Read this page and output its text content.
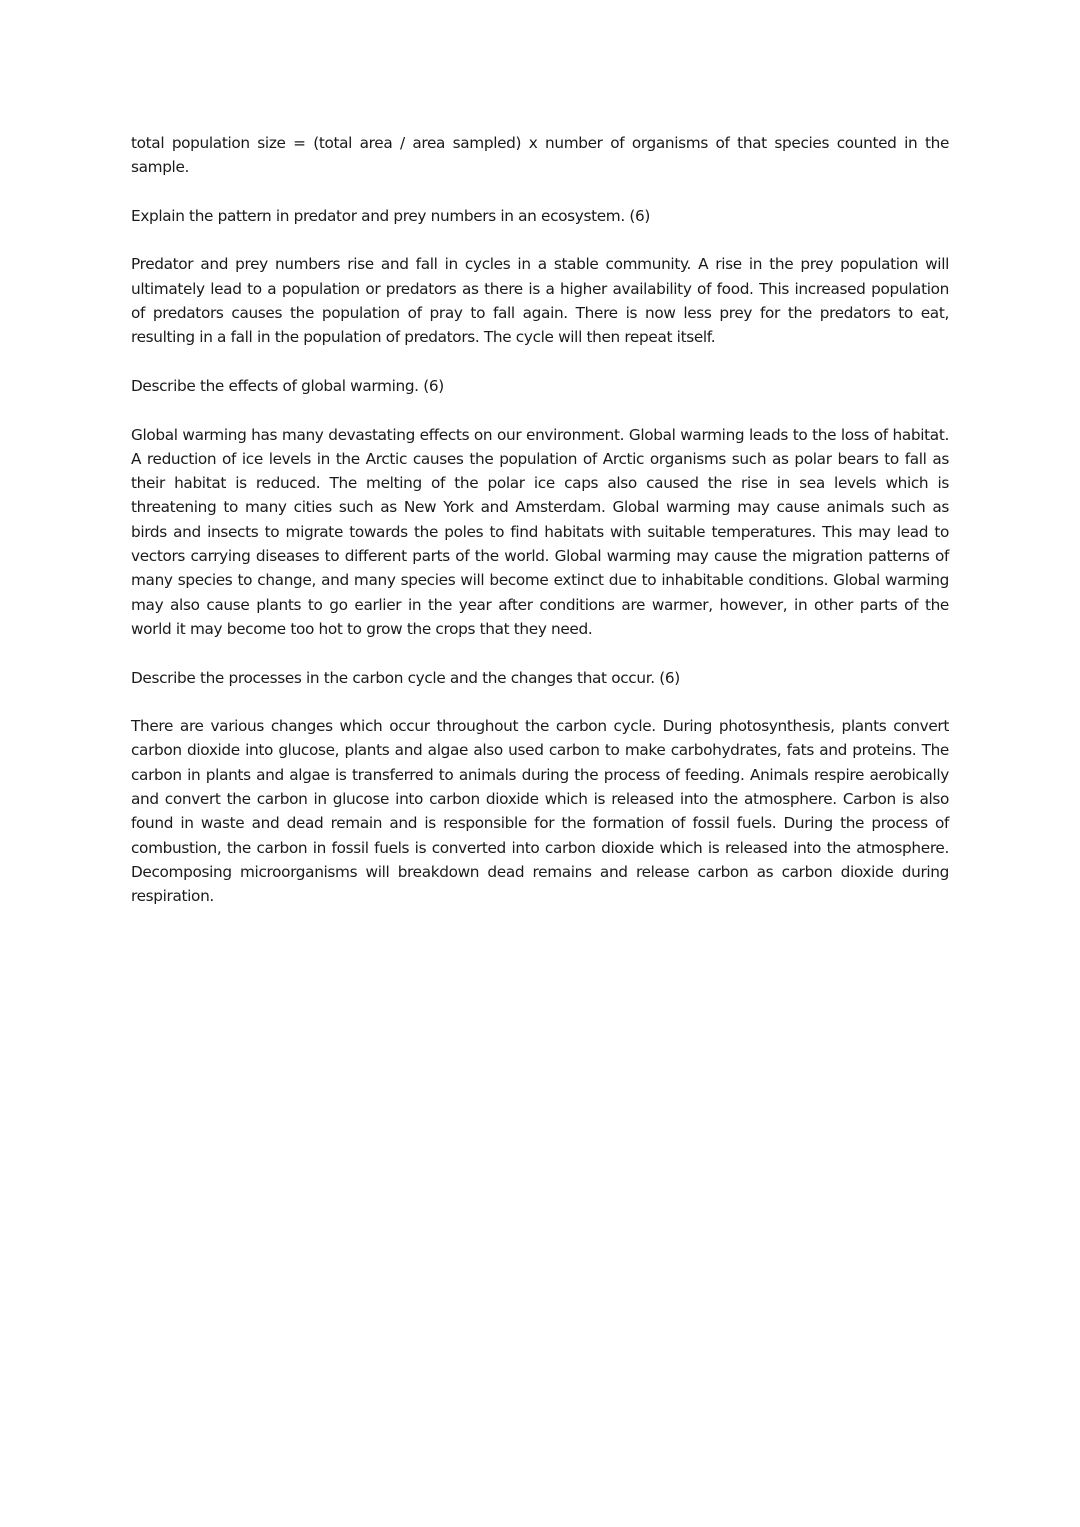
total population size = (total area / area sampled) x number of organisms of that species counted in the sample.

Explain the pattern in predator and prey numbers in an ecosystem. (6)

Predator and prey numbers rise and fall in cycles in a stable community. A rise in the prey population will ultimately lead to a population or predators as there is a higher availability of food. This increased population of predators causes the population of pray to fall again. There is now less prey for the predators to eat, resulting in a fall in the population of predators. The cycle will then repeat itself.

Describe the effects of global warming. (6)

Global warming has many devastating effects on our environment. Global warming leads to the loss of habitat. A reduction of ice levels in the Arctic causes the population of Arctic organisms such as polar bears to fall as their habitat is reduced. The melting of the polar ice caps also caused the rise in sea levels which is threatening to many cities such as New York and Amsterdam. Global warming may cause animals such as birds and insects to migrate towards the poles to find habitats with suitable temperatures. This may lead to vectors carrying diseases to different parts of the world. Global warming may cause the migration patterns of many species to change, and many species will become extinct due to inhabitable conditions. Global warming may also cause plants to go earlier in the year after conditions are warmer, however, in other parts of the world it may become too hot to grow the crops that they need.

Describe the processes in the carbon cycle and the changes that occur. (6)

There are various changes which occur throughout the carbon cycle. During photosynthesis, plants convert carbon dioxide into glucose, plants and algae also used carbon to make carbohydrates, fats and proteins. The carbon in plants and algae is transferred to animals during the process of feeding. Animals respire aerobically and convert the carbon in glucose into carbon dioxide which is released into the atmosphere. Carbon is also found in waste and dead remain and is responsible for the formation of fossil fuels. During the process of combustion, the carbon in fossil fuels is converted into carbon dioxide which is released into the atmosphere. Decomposing microorganisms will breakdown dead remains and release carbon as carbon dioxide during respiration.
